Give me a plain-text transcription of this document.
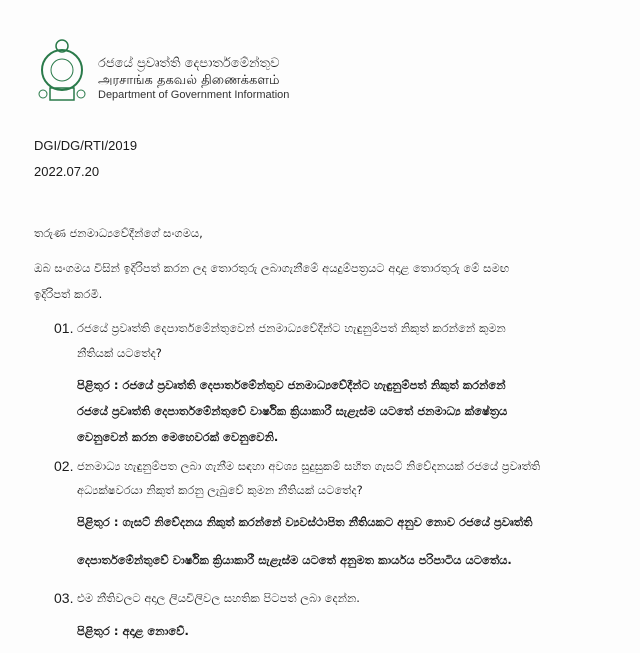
රජයේ ප්‍රවෘත්ති දෙපාර්තමේන්තුව
அரசாங்க தகவல் திணைக்களம்
Department of Government Information
DGI/DG/RTI/2019
2022.07.20
තරුණ ජනමාධ්‍යවේදීන්ගේ සංගමය,
ඔබ සංගමය විසින් ඉදිරිපත් කරන ලද තොරතුරු ලබාගැනීමේ අයදුම්පත්‍රයට අදාළ තොරතුරු මේ සමඟ
ඉදිරිපත් කරමි.
01. රජයේ ප්‍රවෘත්ති දෙපාර්තමේන්තුවෙන් ජනමාධ්‍යවේදීන්ට හැඳුනුම්පත් නිකුත් කරන්නේ කුමන
නීතියක් යටතේද?
පිළිතුර : රජයේ ප්‍රවෘත්ති දෙපාර්තමේන්තුව ජනමාධ්‍යවේදීන්ට හැඳුනුම්පත් නිකුත් කරන්නේ
රජයේ ප්‍රවෘත්ති දෙපාර්තමේන්තුවේ වාර්ෂික ක්‍රියාකාරී සැළැස්ම යටතේ ජනමාධ්‍ය ක්ෂේත්‍රය
වෙනුවෙන් කරන මෙහෙවරක් වෙනුවෙනි.
02. ජනමාධ්‍ය හැඳුනුම්පත ලබා ගැනීම සඳහා අවශ්‍ය සුදුසුකම් සහිත ගැසට් නිවේදනයක් රජයේ ප්‍රවෘත්ති
අධ්‍යක්ෂවරයා නිකුත් කරනු ලැබුවේ කුමන නීතියක් යටතේද?
පිළිතුර : ගැසට් නිවේදනය නිකුත් කරන්නේ ව්‍යවස්ථාපිත නීතියකට අනුව නොව රජයේ ප්‍රවෘත්ති
දෙපාර්තමේන්තුවේ වාර්ෂික ක්‍රියාකාරී සැළැස්ම යටතේ අනුමත කාර්යය පරිපාටිය යටතේය.
03. එම නීතිවලට අදාල ලියවිලිවල සහතික පිටපත් ලබා දෙන්න.
පිළිතුර : අදාළ නොවේ.
